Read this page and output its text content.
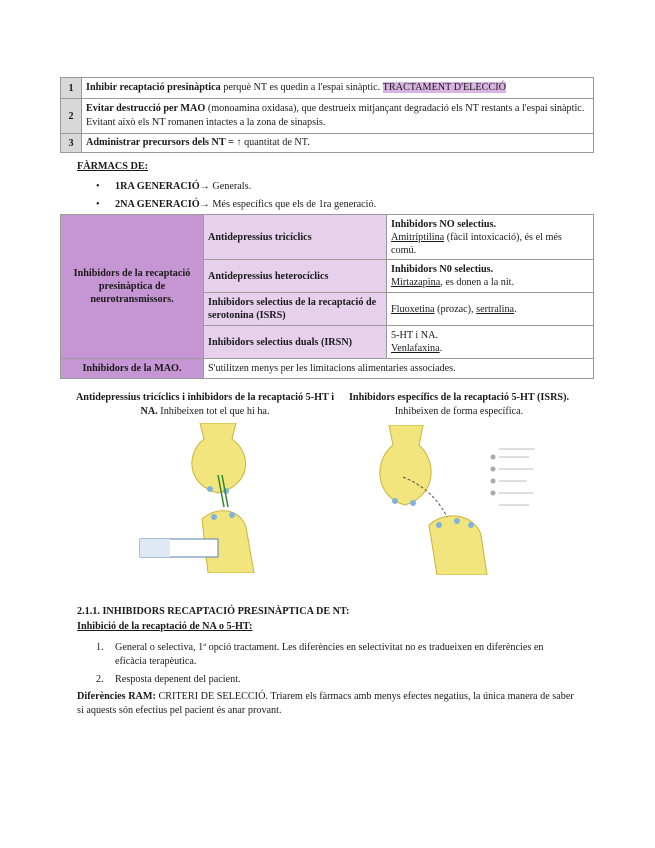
1	Inhibir recaptació presinàptica perquè NT es quedin a l'espai sinàptic. TRACTAMENT D'ELECCIÓ
2	Evitar destrucció per MAO (monoamina oxidasa), que destrueix mitjançant degradació els NT restants a l'espai sinàptic. Evitant això els NT romanen intactes a la zona de sinapsis.
3	Administrar precursors dels NT = ↑ quantitat de NT.
FÀRMACS DE:
• 1RA GENERACIÓ→ Generals.
• 2NA GENERACIÓ→ Més específics que els de 1ra generació.
Inhibidors de la recaptació presinàptica de neurotransmissors.	Antidepressius tricíclics	Inhibidors NO selectius.
Amitriptilina (fàcil intoxicació), és el més comú.
	Antidepressius heterocíclics	Inhibidors N0 selectius.
Mirtazapina, es donen a la nit.
	Inhibidors selectius de la recaptació de serotonina (ISRS)	Fluoxetina (prozac), sertralina.
	Inhibidors selectius duals (IRSN)	5-HT i NA.
Venlafaxina.
Inhibidors de la MAO.	S'utilitzen menys per les limitacions alimentaries associades.	
Antidepressius tricíclics i inhibidors de la recaptació 5-HT i NA. Inhibeixen tot el que hi ha.
Inhibidors específics de la recaptació 5-HT (ISRS). Inhibeixen de forma específica.
2.1.1. INHIBIDORS RECAPTACIÓ PRESINÀPTICA DE NT:
Inhibició de la recaptació de NA o 5-HT:
1. General o selectiva, 1ª opció tractament. Les diferències en selectivitat no es tradueixen en diferències en eficàcia terapèutica.
2. Resposta depenent del pacient.
Diferències RAM: CRITERI DE SELECCIÓ. Triarem els fàrmacs amb menys efectes negatius, la única manera de saber si aquests són efectius pel pacient és anar provant.
